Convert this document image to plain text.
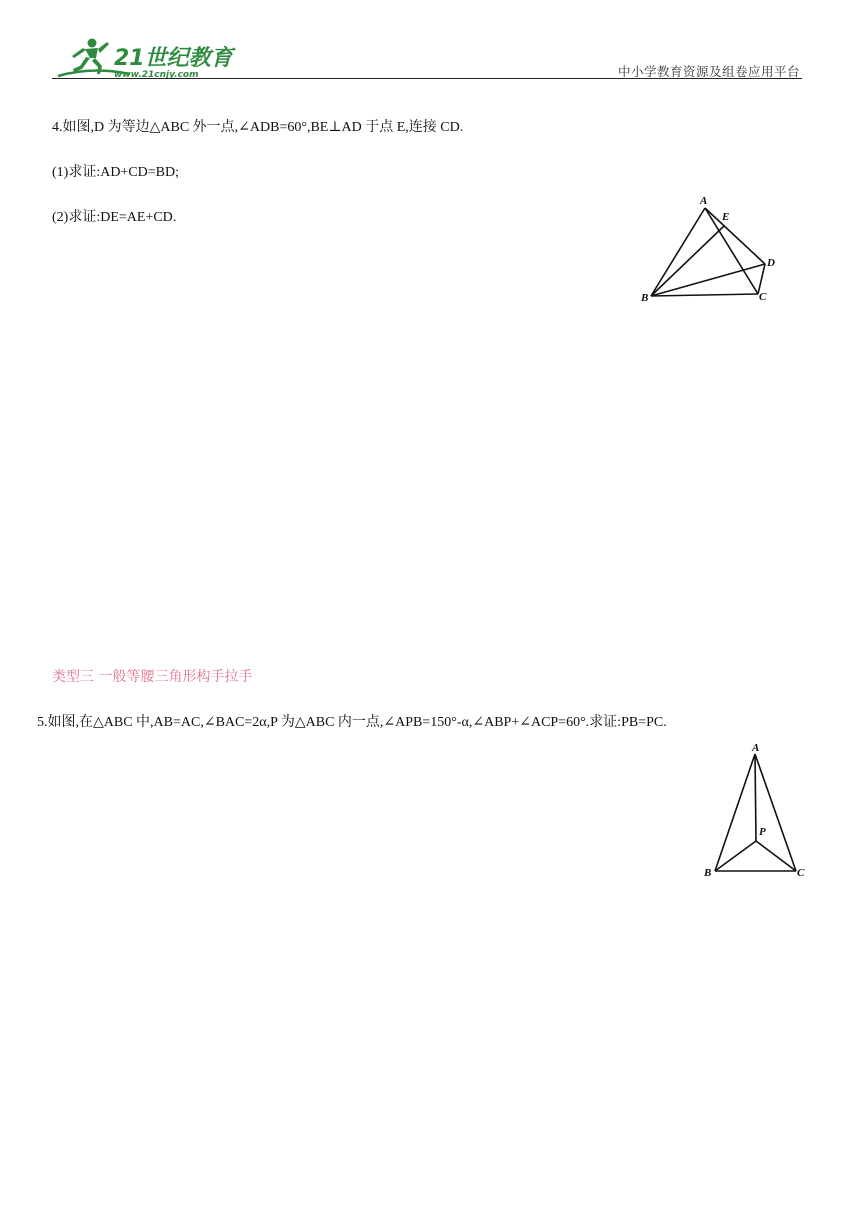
21世纪教育
www.21cnjy.com	中小学教育资源及组卷应用平台
4.如图,D 为等边△ABC 外一点,∠ADB=60°,BE⊥AD 于点 E,连接 CD.
(1)求证:AD+CD=BD;
(2)求证:DE=AE+CD.
A
E
D
B	C
类型三 一般等腰三角形构手拉手
5.如图,在△ABC 中,AB=AC,∠BAC=2α,P 为△ABC 内一点,∠APB=150°-α,∠ABP+∠ACP=60°.求证:PB=PC.
A
P
B	C
